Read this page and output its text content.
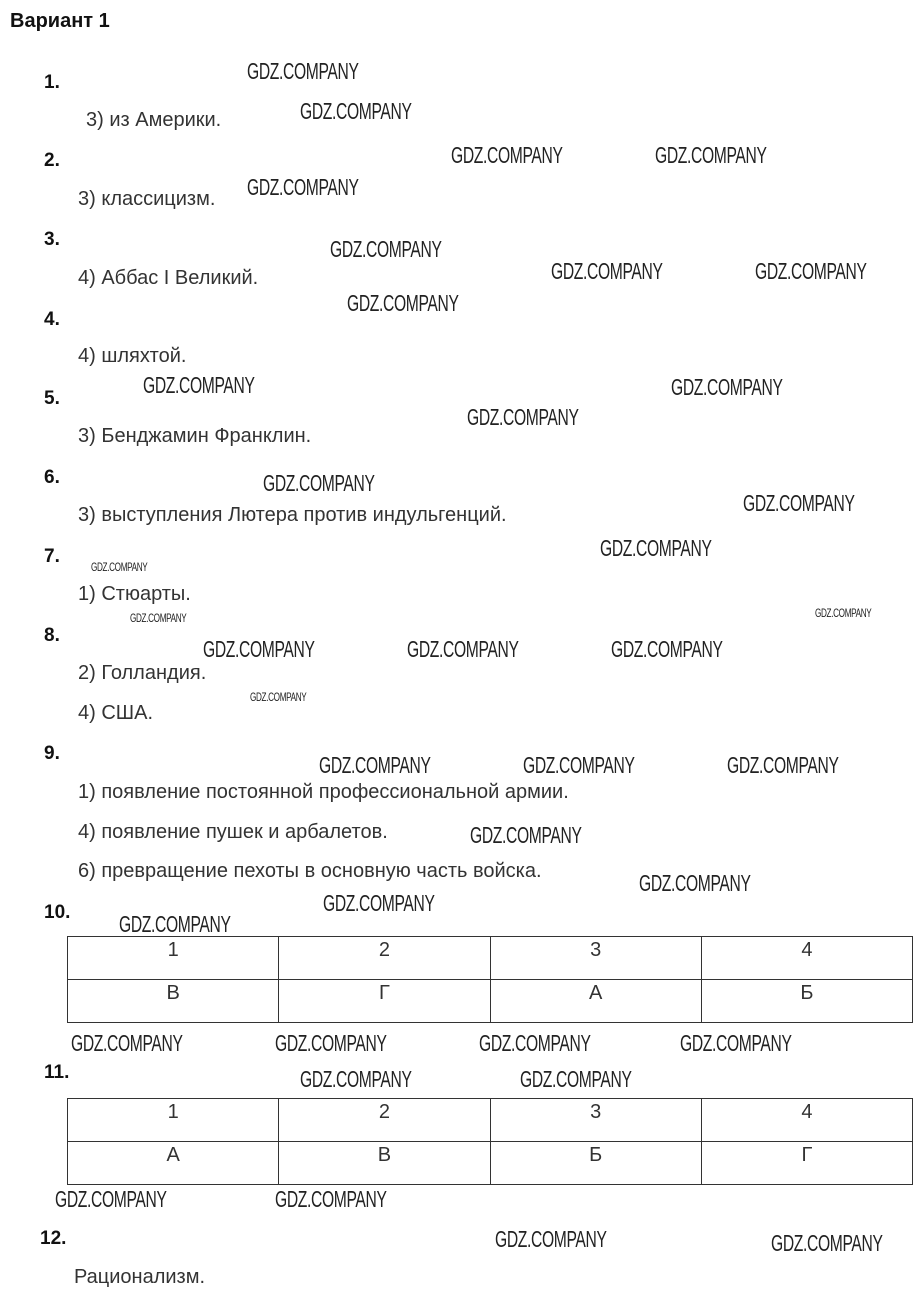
Вариант 1
1.
3) из Америки.
2.
3) классицизм.
3.
4) Аббас I Великий.
4.
4) шляхтой.
5.
3) Бенджамин Франклин.
6.
3) выступления Лютера против индульгенций.
7.
1) Стюарты.
8.
2) Голландия.
4) США.
9.
1) появление постоянной профессиональной армии.
4) появление пушек и арбалетов.
6) превращение пехоты в основную часть войска.
10.
1	2	3	4
В	Г	А	Б
11.
1	2	3	4
А	В	Б	Г
12.
Рационализм.
GDZ.COMPANY
GDZ.COMPANY
GDZ.COMPANY	GDZ.COMPANY
GDZ.COMPANY
GDZ.COMPANY
GDZ.COMPANY	GDZ.COMPANY
GDZ.COMPANY
GDZ.COMPANY	GDZ.COMPANY
GDZ.COMPANY
GDZ.COMPANY
GDZ.COMPANY
GDZ.COMPANY
GDZ.COMPANY
GDZ.COMPANY	GDZ.COMPANY
GDZ.COMPANY	GDZ.COMPANY	GDZ.COMPANY
GDZ.COMPANY
GDZ.COMPANY	GDZ.COMPANY	GDZ.COMPANY
GDZ.COMPANY
GDZ.COMPANY
GDZ.COMPANY
GDZ.COMPANY
GDZ.COMPANY	GDZ.COMPANY
GDZ.COMPANY	GDZ.COMPANY
GDZ.COMPANY	GDZ.COMPANY
GDZ.COMPANY	GDZ.COMPANY
GDZ.COMPANY	GDZ.COMPANY
